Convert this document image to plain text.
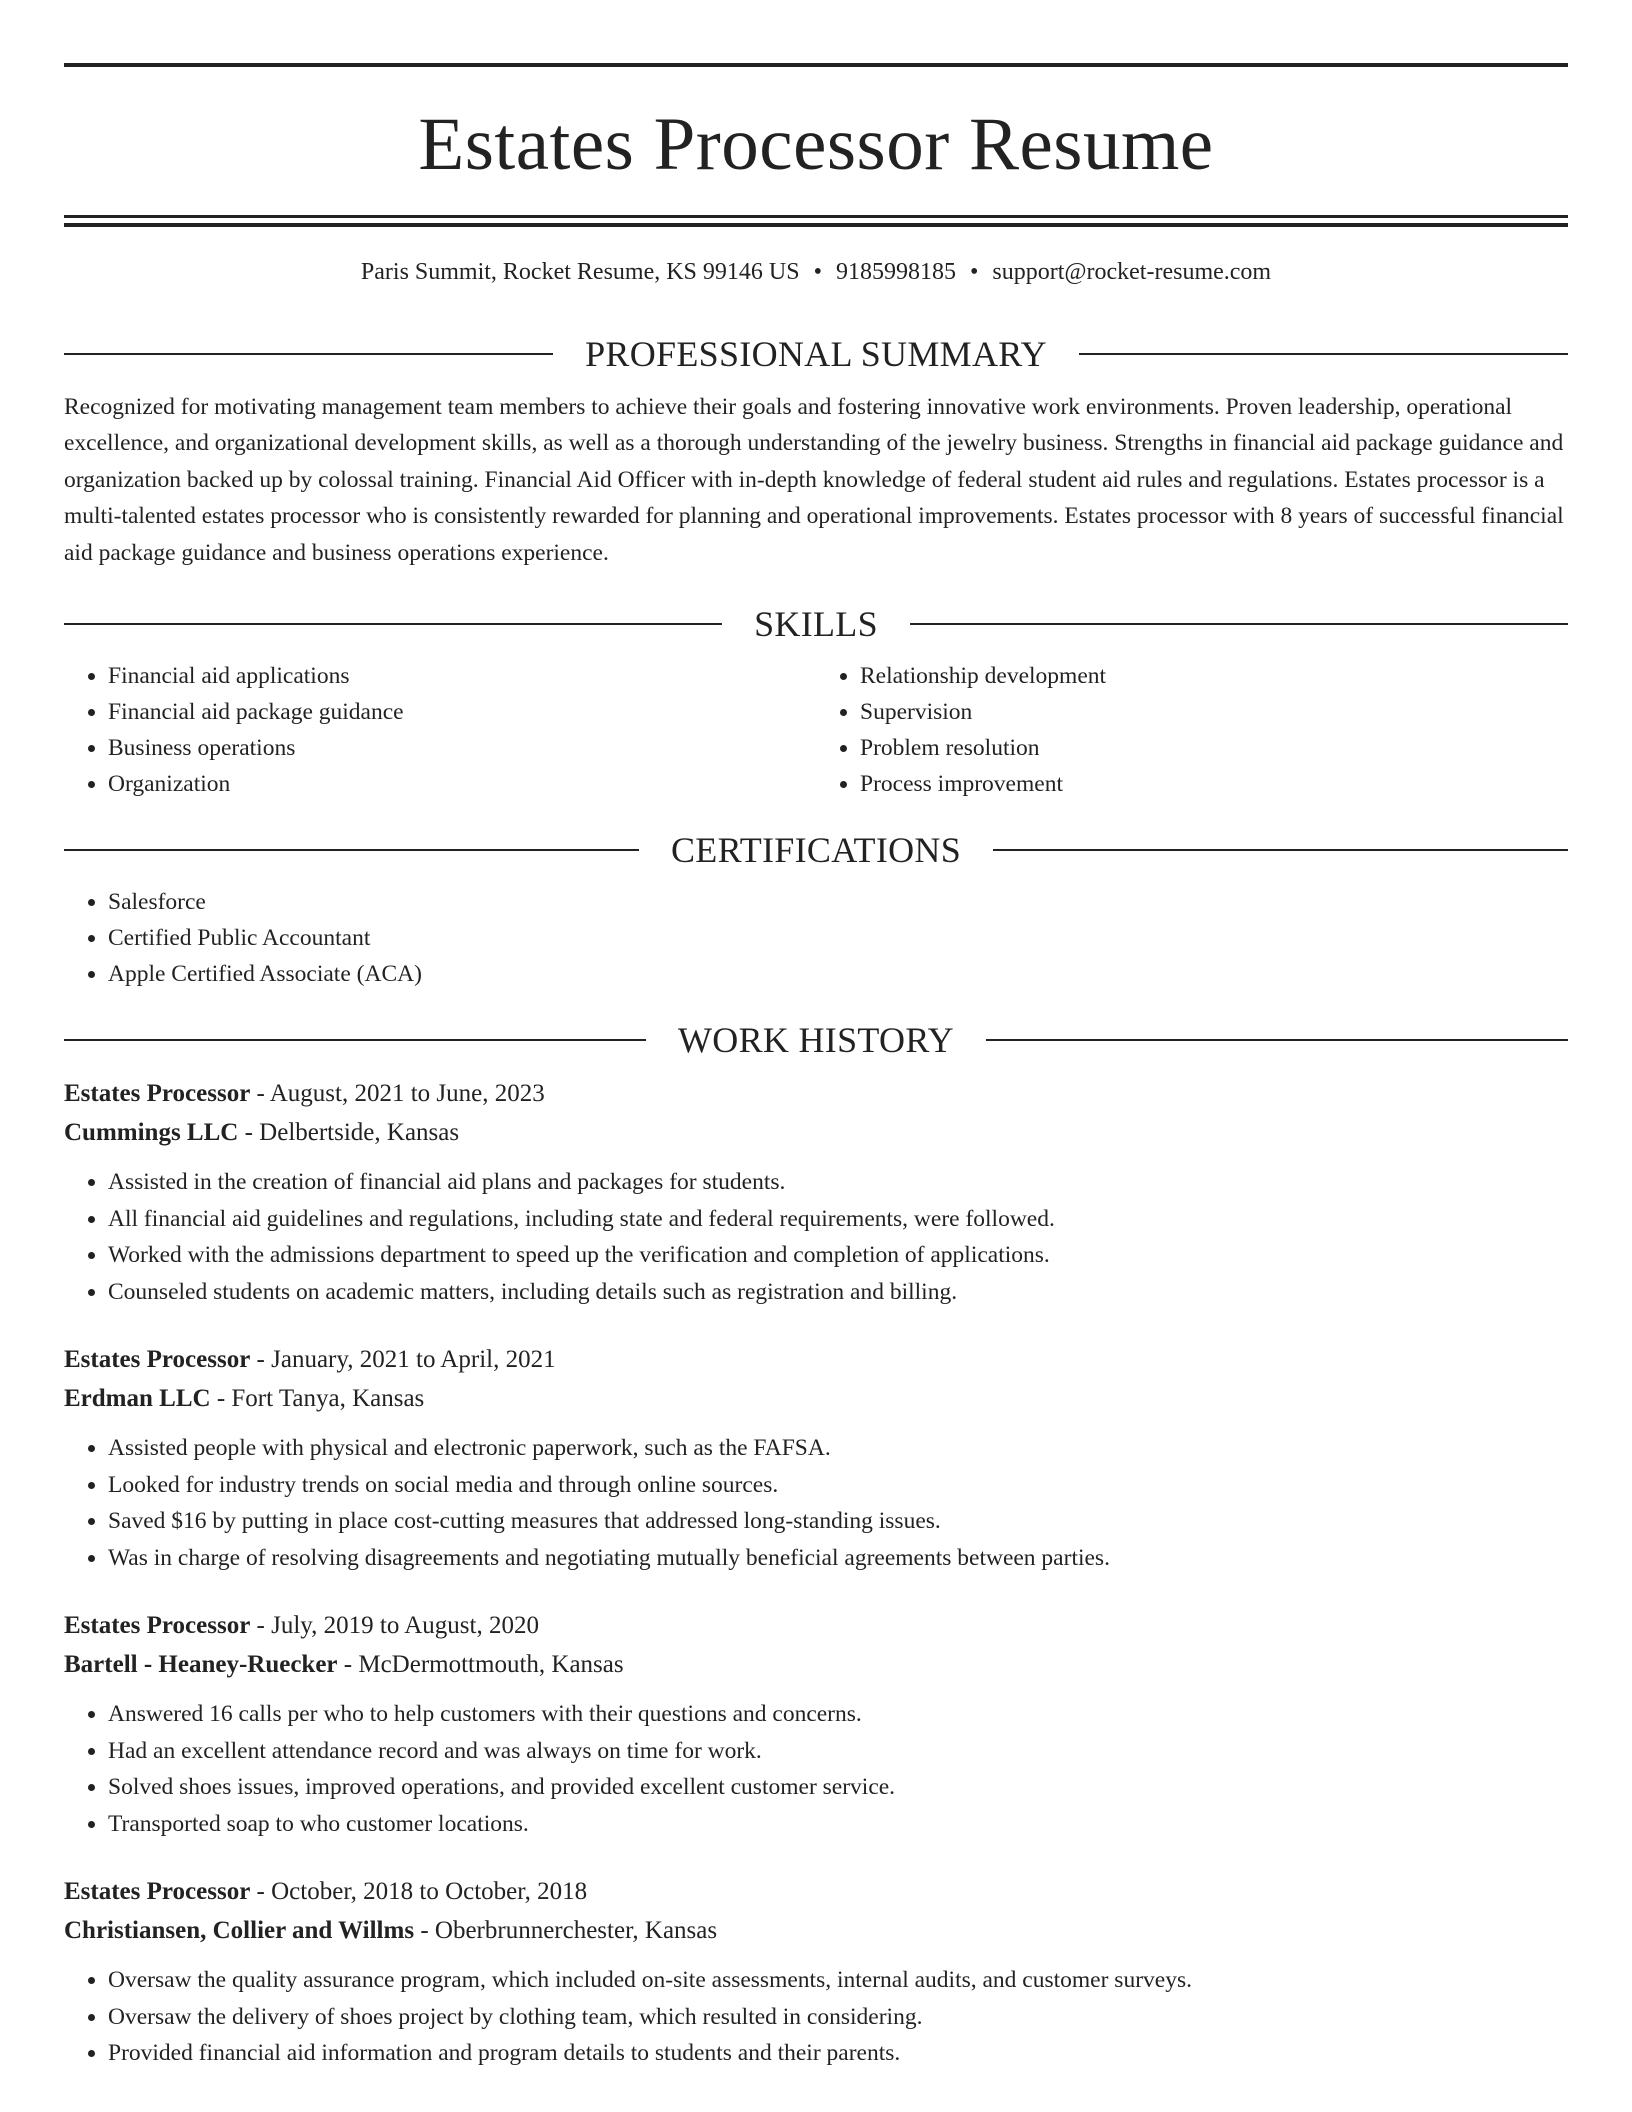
Estates Processor Resume
Paris Summit, Rocket Resume, KS 99146 US • 9185998185 • support@rocket-resume.com
PROFESSIONAL SUMMARY

Recognized for motivating management team members to achieve their goals and fostering innovative work environments. Proven leadership, operational excellence, and organizational development skills, as well as a thorough understanding of the jewelry business. Strengths in financial aid package guidance and organization backed up by colossal training. Financial Aid Officer with in-depth knowledge of federal student aid rules and regulations. Estates processor is a multi-talented estates processor who is consistently rewarded for planning and operational improvements. Estates processor with 8 years of successful financial aid package guidance and business operations experience.

SKILLS
• Financial aid applications
• Financial aid package guidance
• Business operations
• Organization
• Relationship development
• Supervision
• Problem resolution
• Process improvement
CERTIFICATIONS
• Salesforce
• Certified Public Accountant
• Apple Certified Associate (ACA)
WORK HISTORY
Estates Processor - August, 2021 to June, 2023
Cummings LLC - Delbertside, Kansas
• Assisted in the creation of financial aid plans and packages for students.
• All financial aid guidelines and regulations, including state and federal requirements, were followed.
• Worked with the admissions department to speed up the verification and completion of applications.
• Counseled students on academic matters, including details such as registration and billing.
Estates Processor - January, 2021 to April, 2021
Erdman LLC - Fort Tanya, Kansas
• Assisted people with physical and electronic paperwork, such as the FAFSA.
• Looked for industry trends on social media and through online sources.
• Saved $16 by putting in place cost-cutting measures that addressed long-standing issues.
• Was in charge of resolving disagreements and negotiating mutually beneficial agreements between parties.
Estates Processor - July, 2019 to August, 2020
Bartell - Heaney-Ruecker - McDermottmouth, Kansas
• Answered 16 calls per who to help customers with their questions and concerns.
• Had an excellent attendance record and was always on time for work.
• Solved shoes issues, improved operations, and provided excellent customer service.
• Transported soap to who customer locations.
Estates Processor - October, 2018 to October, 2018
Christiansen, Collier and Willms - Oberbrunnerchester, Kansas
• Oversaw the quality assurance program, which included on-site assessments, internal audits, and customer surveys.
• Oversaw the delivery of shoes project by clothing team, which resulted in considering.
• Provided financial aid information and program details to students and their parents.
